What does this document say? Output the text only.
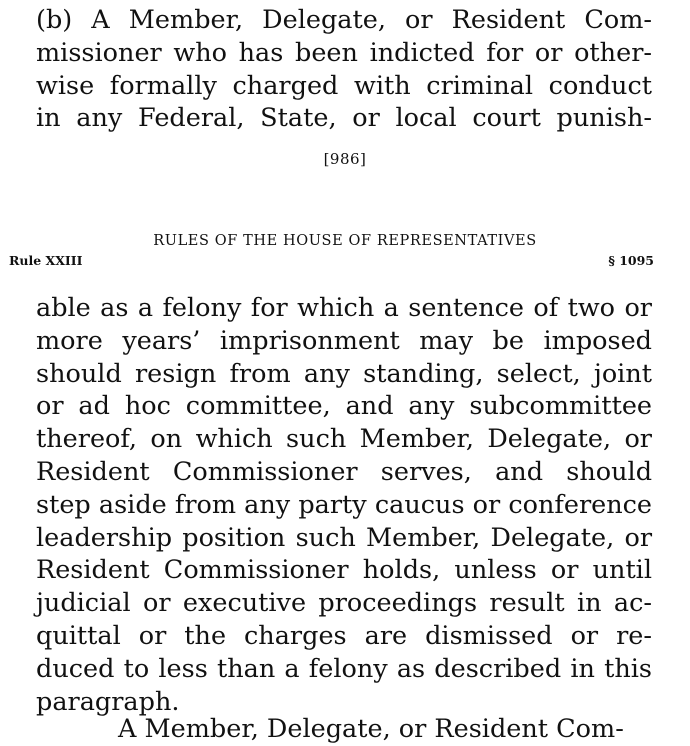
(b) A Member, Delegate, or Resident Com-
missioner who has been indicted for or other-
wise formally charged with criminal conduct
in any Federal, State, or local court punish-

[986]
RULES OF THE HOUSE OF REPRESENTATIVES
Rule XXIII	§ 1095

able as a felony for which a sentence of two or
more years’ imprisonment may be imposed
should resign from any standing, select, joint
or ad hoc committee, and any subcommittee
thereof, on which such Member, Delegate, or
Resident Commissioner serves, and should
step aside from any party caucus or conference
leadership position such Member, Delegate, or
Resident Commissioner holds, unless or until
judicial or executive proceedings result in ac-
quittal or the charges are dismissed or re-
duced to less than a felony as described in this
paragraph.

A Member, Delegate, or Resident Com-
